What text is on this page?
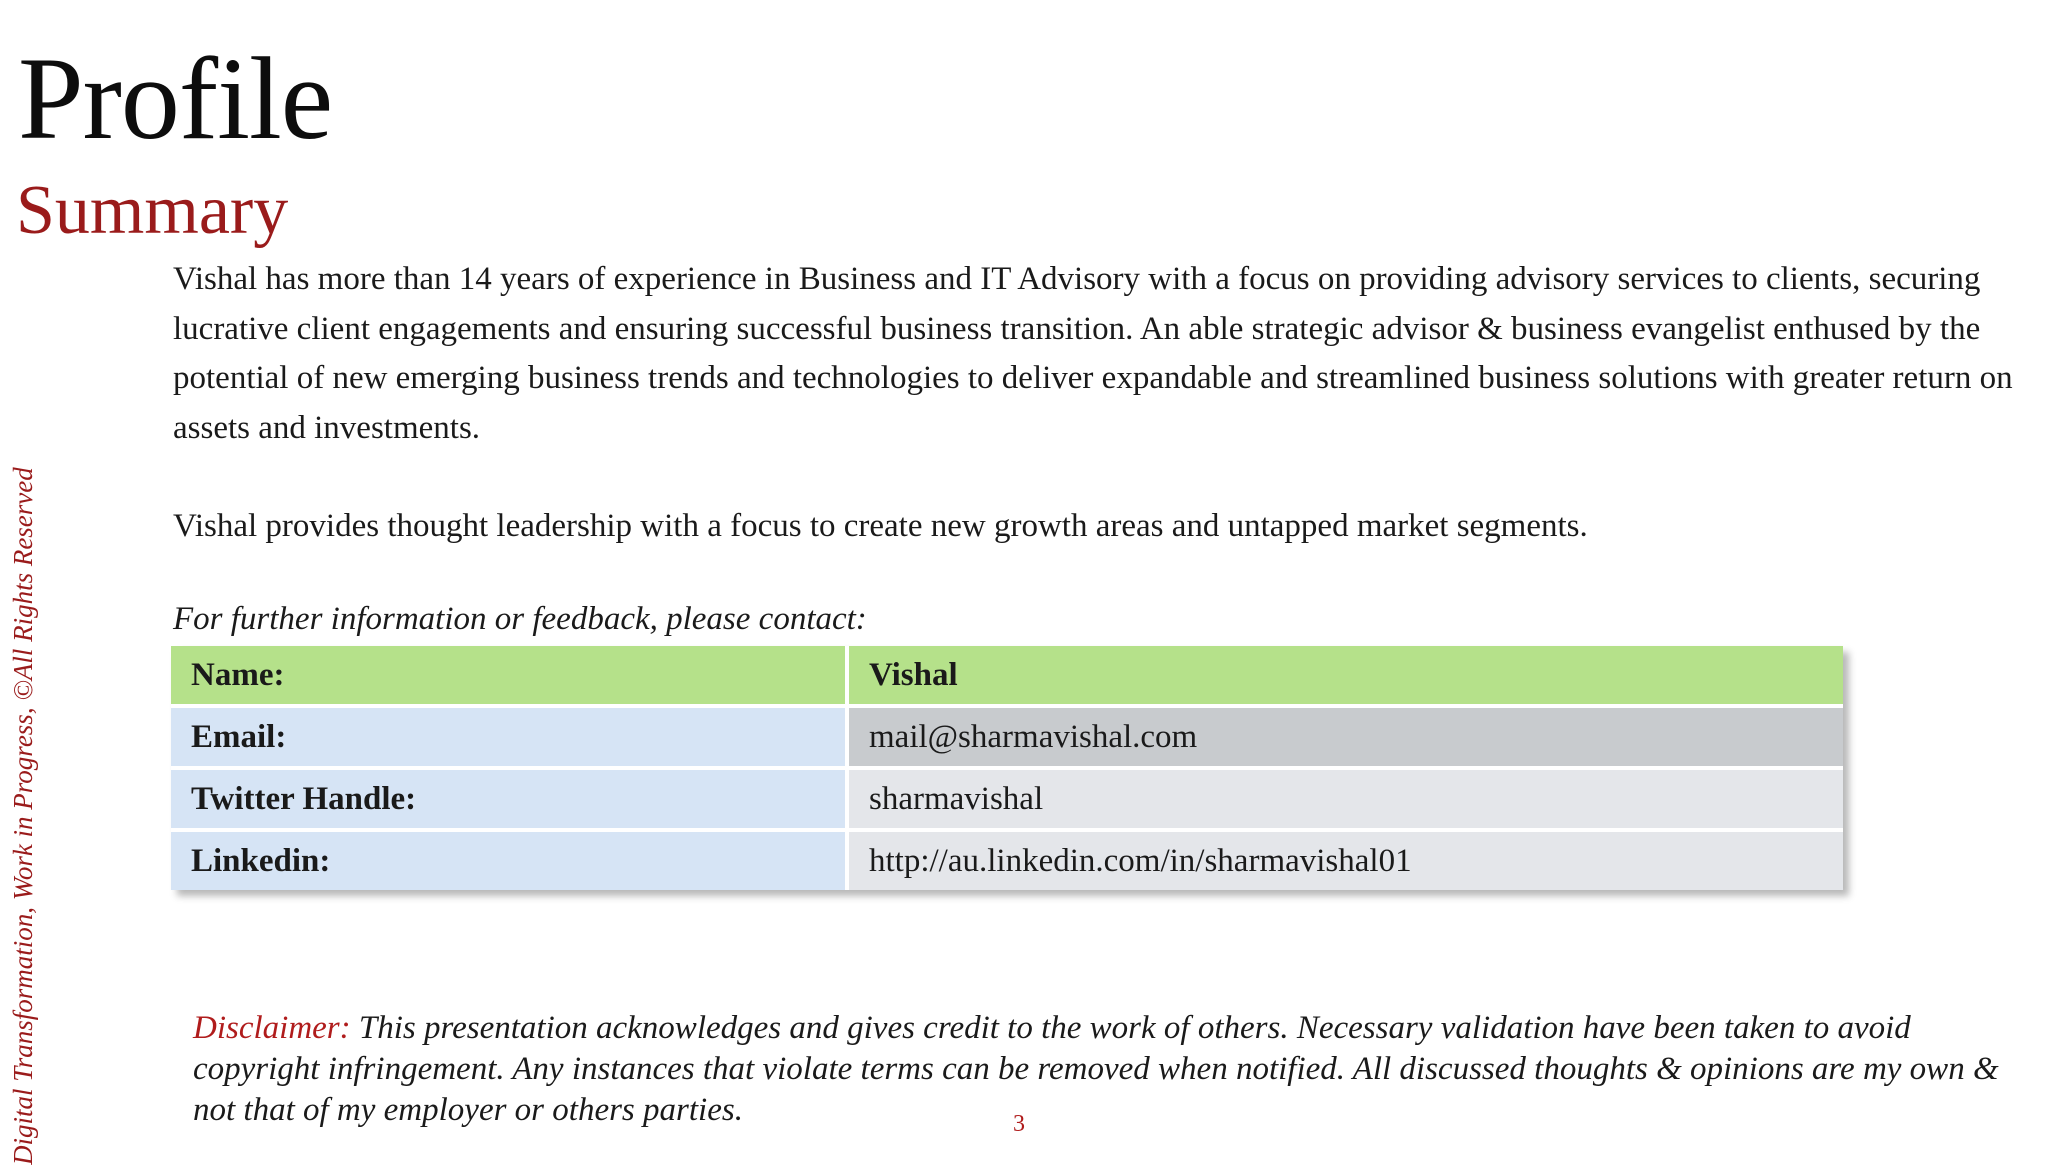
Profile
Summary
Digital Transformation, Work in Progress, ©All Rights Reserved

Vishal has more than 14 years of experience in Business and IT Advisory with a focus on providing advisory services to clients, securing lucrative client engagements and ensuring successful business transition. An able strategic advisor & business evangelist enthused by the potential of new emerging business trends and technologies to deliver expandable and streamlined business solutions with greater return on assets and investments.

Vishal provides thought leadership with a focus to create new growth areas and untapped market segments.

For further information or feedback, please contact:
Name:	Vishal
Email:	mail@sharmavishal.com
Twitter Handle:	sharmavishal
Linkedin:	http://au.linkedin.com/in/sharmavishal01
Disclaimer: This presentation acknowledges and gives credit to the work of others. Necessary validation have been taken to avoid copyright infringement. Any instances that violate terms can be removed when notified. All discussed thoughts & opinions are my own & not that of my employer or others parties.	3
